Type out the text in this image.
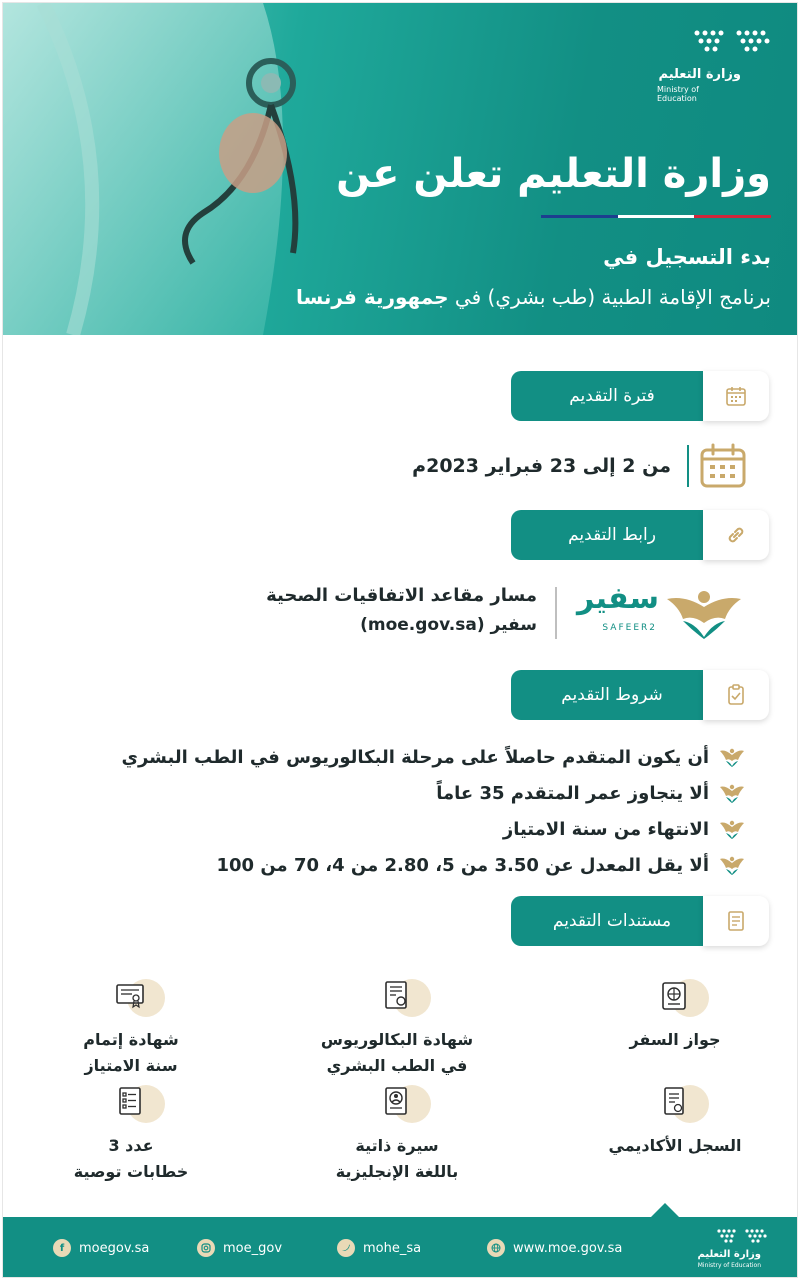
وزارة التعليم
Ministry of Education
وزارة التعليم تعلن عن
بدء التسجيل في
برنامج الإقامة الطبية (طب بشري) في جمهورية فرنسا
فترة التقديم
من 2 إلى 23 فبراير 2023م
رابط التقديم
سفير
SAFEER2
مسار مقاعد الاتفاقيات الصحية
سفير (moe.gov.sa)
شروط التقديم
أن يكون المتقدم حاصلاً على مرحلة البكالوريوس في الطب البشري
ألا يتجاوز عمر المتقدم 35 عاماً
الانتهاء من سنة الامتياز
ألا يقل المعدل عن 3.50 من 5، 2.80 من 4، 70 من 100
مستندات التقديم
جواز السفر
شهادة البكالوريوس
في الطب البشري
شهادة إتمام
سنة الامتياز
السجل الأكاديمي
سيرة ذاتية
باللغة الإنجليزية
عدد 3
خطابات توصية
f	moegov.sa	moe_gov	mohe_sa	www.moe.gov.sa	وزارة التعليم
Ministry of Education
